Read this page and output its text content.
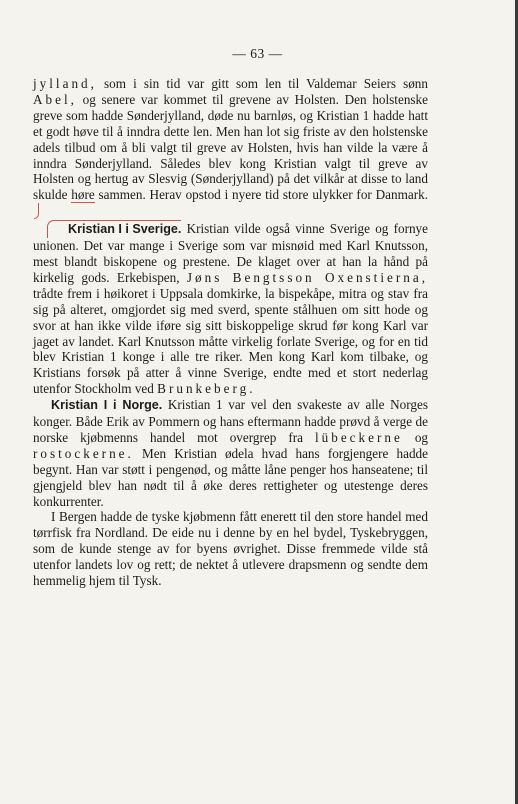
— 63 —

jylland, som i sin tid var gitt som len til Valdemar Seiers sønn Abel, og senere var kommet til grevene av Holsten. Den holstenske greve som hadde Sønderjylland, døde nu barnløs, og Kristian 1 hadde hatt et godt høve til å inndra dette len. Men han lot sig friste av den holstenske adels tilbud om å bli valgt til greve av Holsten, hvis han vilde la være å inndra Sønderjylland. Således blev kong Kristian valgt til greve av Holsten og hertug av Slesvig (Sønderjylland) på det vilkår at disse to land skulde høre sammen. Herav opstod i nyere tid store ulykker for Danmark.

Kristian I i Sverige. Kristian vilde også vinne Sverige og fornye unionen. Det var mange i Sverige som var misnøid med Karl Knutsson, mest blandt biskopene og prestene. De klaget over at han la hånd på kirkelig gods. Erkebispen, Jøns Bengtsson Oxenstierna, trådte frem i høikoret i Uppsala domkirke, la bispekåpe, mitra og stav fra sig på alteret, omgjordet sig med sverd, spente stålhuen om sitt hode og svor at han ikke vilde iføre sig sitt biskoppelige skrud før kong Karl var jaget av landet. Karl Knutsson måtte virkelig forlate Sverige, og for en tid blev Kristian 1 konge i alle tre riker. Men kong Karl kom tilbake, og Kristians forsøk på atter å vinne Sverige, endte med et stort nederlag utenfor Stockholm ved Brunkeberg.

Kristian I i Norge. Kristian 1 var vel den svakeste av alle Norges konger. Både Erik av Pommern og hans eftermann hadde prøvd å verge de norske kjøbmenns handel mot overgrep fra lübeckerne og rostockerne. Men Kristian ødela hvad hans forgjengere hadde begynt. Han var støtt i pengenød, og måtte låne penger hos hanseatene; til gjengjeld blev han nødt til å øke deres rettigheter og utestenge deres konkurrenter.

I Bergen hadde de tyske kjøbmenn fått enerett til den store handel med tørrfisk fra Nordland. De eide nu i denne by en hel bydel, Tyskebryggen, som de kunde stenge av for byens øvrighet. Disse fremmede vilde stå utenfor landets lov og rett; de nektet å utlevere drapsmenn og sendte dem hemmelig hjem til Tysk.
